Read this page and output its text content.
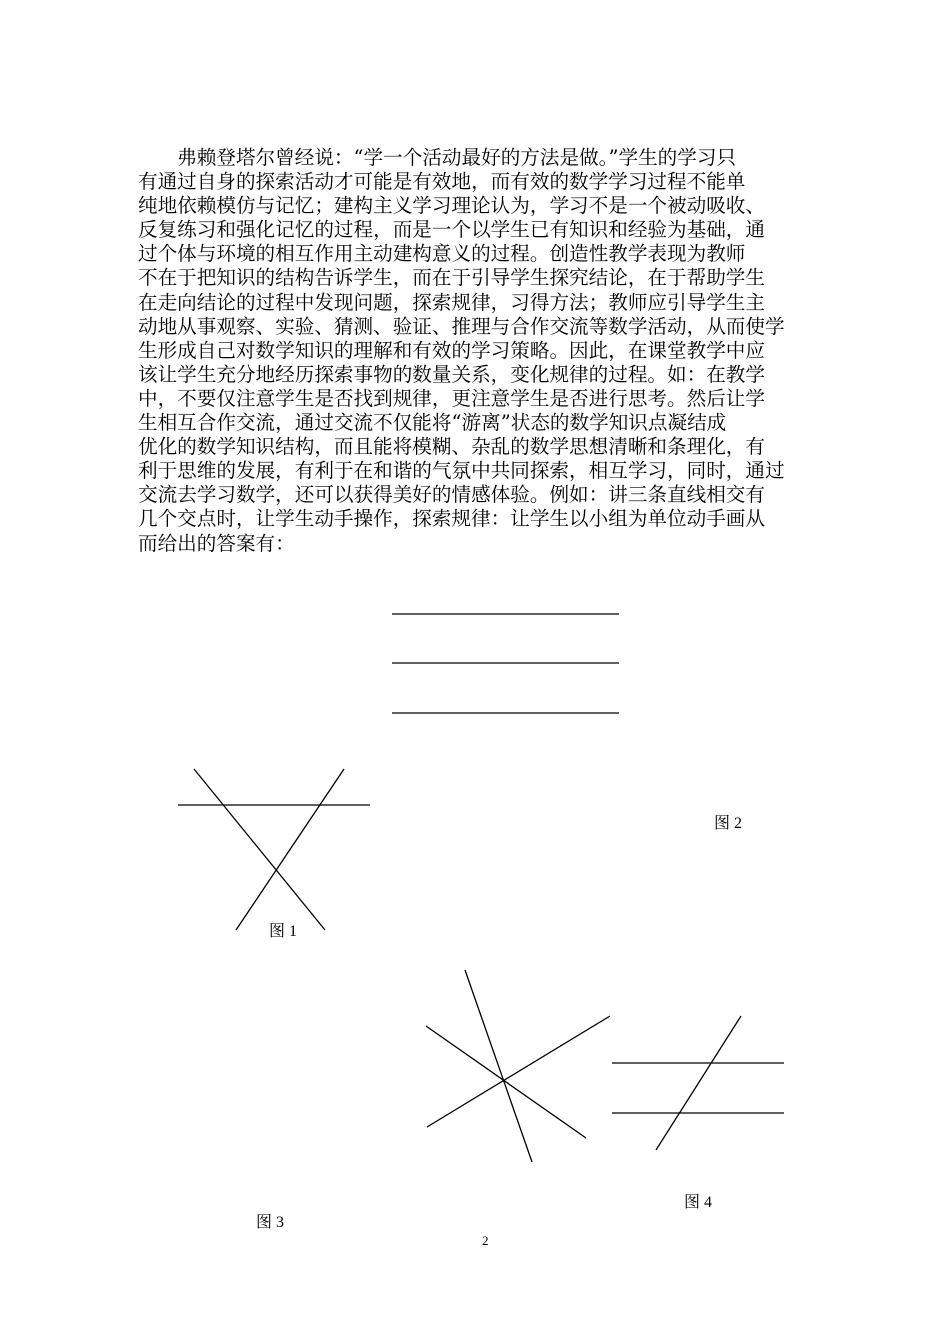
　　弗赖登塔尔曾经说：“学一个活动最好的方法是做。”学生的学习只
有通过自身的探索活动才可能是有效地，而有效的数学学习过程不能单
纯地依赖模仿与记忆；建构主义学习理论认为，学习不是一个被动吸收、
反复练习和强化记忆的过程，而是一个以学生已有知识和经验为基础，通
过个体与环境的相互作用主动建构意义的过程。创造性教学表现为教师
不在于把知识的结构告诉学生，而在于引导学生探究结论，在于帮助学生
在走向结论的过程中发现问题，探索规律，习得方法；教师应引导学生主
动地从事观察、实验、猜测、验证、推理与合作交流等数学活动，从而使学
生形成自己对数学知识的理解和有效的学习策略。因此，在课堂教学中应
该让学生充分地经历探索事物的数量关系，变化规律的过程。如：在教学
中，不要仅注意学生是否找到规律，更注意学生是否进行思考。然后让学
生相互合作交流，通过交流不仅能将“游离”状态的数学知识点凝结成
优化的数学知识结构，而且能将模糊、杂乱的数学思想清晰和条理化，有
利于思维的发展，有利于在和谐的气氛中共同探索，相互学习，同时，通过
交流去学习数学，还可以获得美好的情感体验。例如：讲三条直线相交有
几个交点时，让学生动手操作，探索规律：让学生以小组为单位动手画从
而给出的答案有：
图 2
图 1
图 4
图 3
2
